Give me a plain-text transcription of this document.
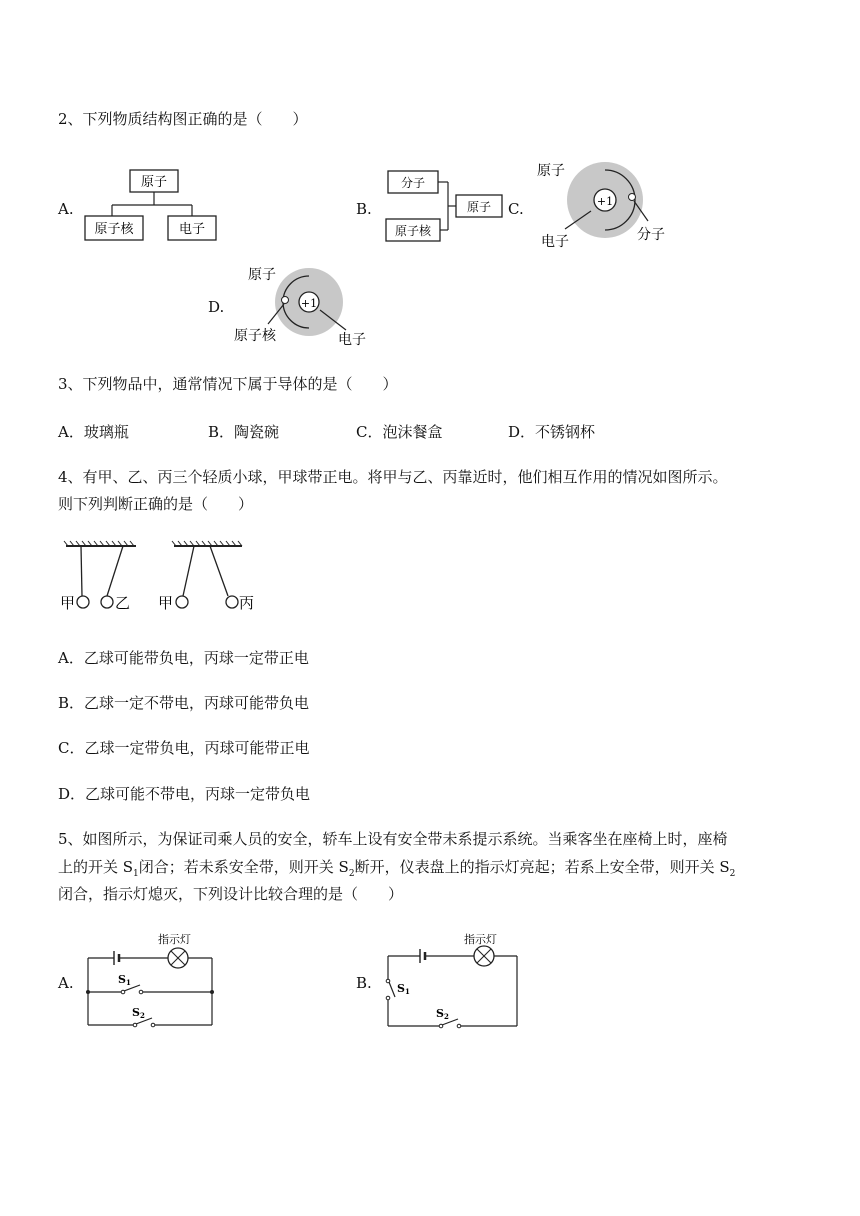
2、下列物质结构图正确的是（　　）
A.
原子
原子核	电子
B.
分子
原子核
原子 C.
原子
+1
电子	分子
D.
原子
+1
原子核	电子
3、下列物品中，通常情况下属于导体的是（　　）
A．玻璃瓶	B．陶瓷碗	C．泡沫餐盒	D．不锈钢杯
4、有甲、乙、丙三个轻质小球，甲球带正电。将甲与乙、丙靠近时，他们相互作用的情况如图所示。
则下列判断正确的是（　　）
甲	乙 甲	丙
A．乙球可能带负电，丙球一定带正电
B．乙球一定不带电，丙球可能带负电
C．乙球一定带负电，丙球可能带正电
D．乙球可能不带电，丙球一定带负电
5、如图所示，为保证司乘人员的安全，轿车上设有安全带未系提示系统。当乘客坐在座椅上时，座椅
上的开关 $S_1$闭合；若未系安全带，则开关 $S_2$断开，仪表盘上的指示灯亮起；若系上安全带，则开关 $S_2$
闭合，指示灯熄灭，下列设计比较合理的是（　　）
A.
指示灯
S1
S2
B.
指示灯
S1
S2
